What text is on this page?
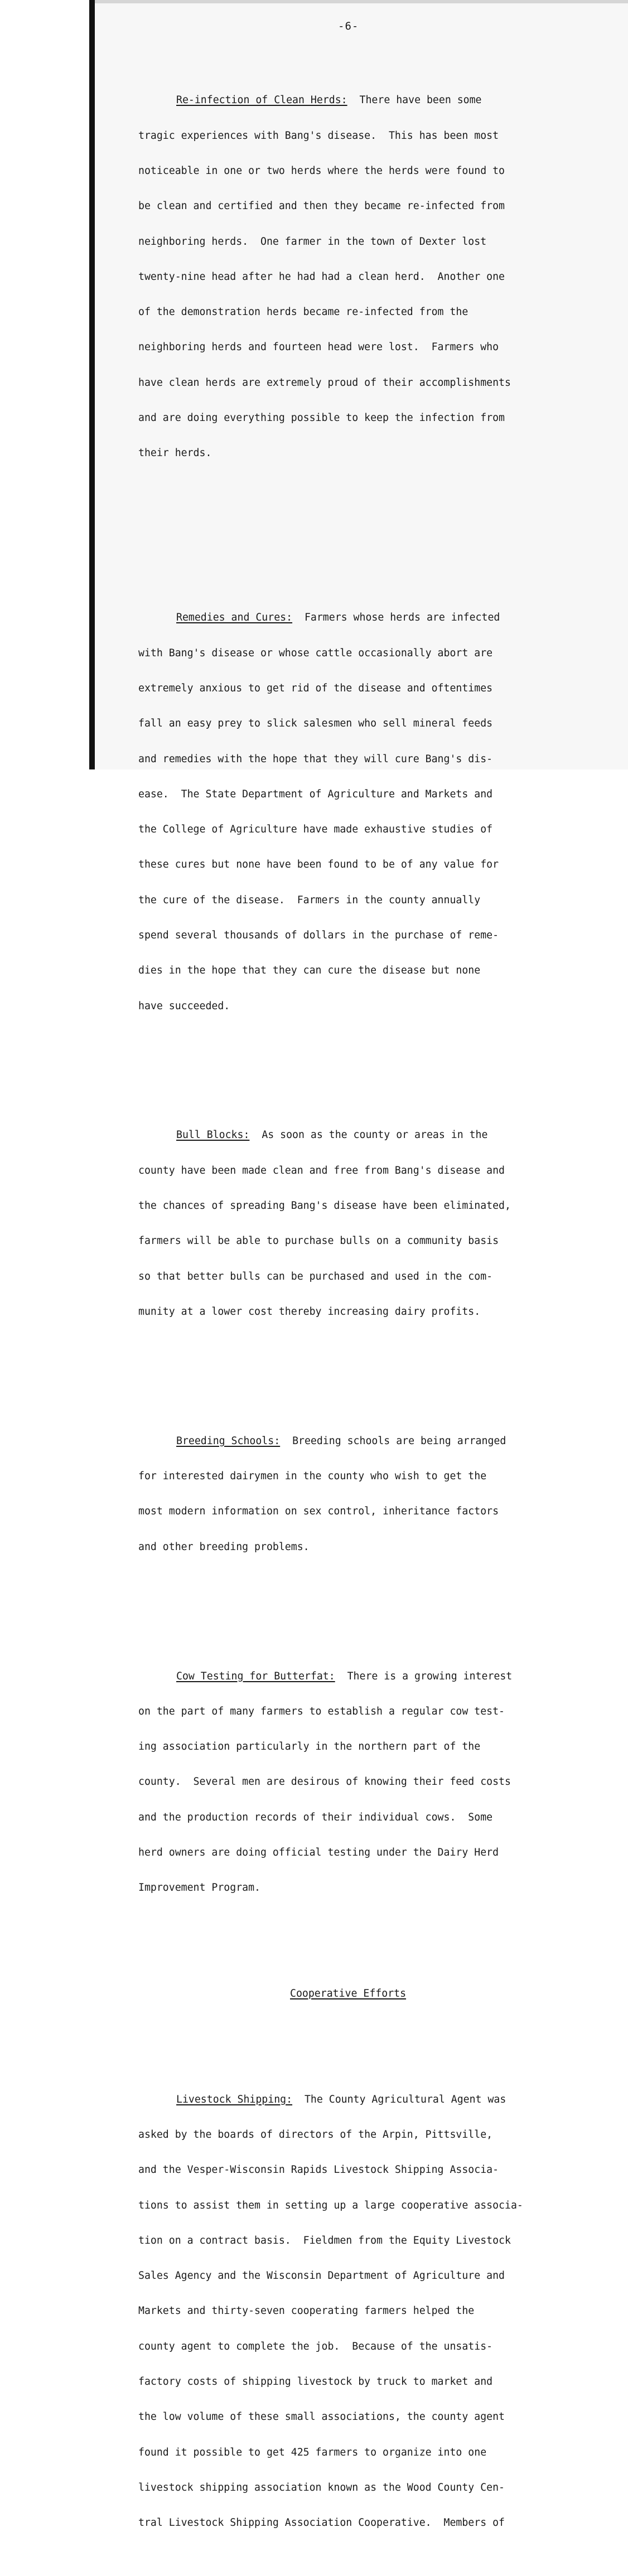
-6-

Re-infection of Clean Herds: There have been some

tragic experiences with Bang's disease.  This has been most

noticeable in one or two herds where the herds were found to

be clean and certified and then they became re-infected from

neighboring herds.  One farmer in the town of Dexter lost

twenty-nine head after he had had a clean herd.  Another one

of the demonstration herds became re-infected from the

neighboring herds and fourteen head were lost.  Farmers who

have clean herds are extremely proud of their accomplishments

and are doing everything possible to keep the infection from

their herds.

Remedies and Cures: Farmers whose herds are infected

with Bang's disease or whose cattle occasionally abort are

extremely anxious to get rid of the disease and oftentimes

fall an easy prey to slick salesmen who sell mineral feeds

and remedies with the hope that they will cure Bang's dis-

ease.  The State Department of Agriculture and Markets and

the College of Agriculture have made exhaustive studies of

these cures but none have been found to be of any value for

the cure of the disease.  Farmers in the county annually

spend several thousands of dollars in the purchase of reme-

dies in the hope that they can cure the disease but none

have succeeded.

Bull Blocks: As soon as the county or areas in the

county have been made clean and free from Bang's disease and

the chances of spreading Bang's disease have been eliminated,

farmers will be able to purchase bulls on a community basis

so that better bulls can be purchased and used in the com-

munity at a lower cost thereby increasing dairy profits.

Breeding Schools: Breeding schools are being arranged

for interested dairymen in the county who wish to get the

most modern information on sex control, inheritance factors

and other breeding problems.

Cow Testing for Butterfat: There is a growing interest

on the part of many farmers to establish a regular cow test-

ing association particularly in the northern part of the

county.  Several men are desirous of knowing their feed costs

and the production records of their individual cows.  Some

herd owners are doing official testing under the Dairy Herd

Improvement Program.

Cooperative Efforts

Livestock Shipping: The County Agricultural Agent was

asked by the boards of directors of the Arpin, Pittsville,

and the Vesper-Wisconsin Rapids Livestock Shipping Associa-

tions to assist them in setting up a large cooperative associa-

tion on a contract basis.  Fieldmen from the Equity Livestock

Sales Agency and the Wisconsin Department of Agriculture and

Markets and thirty-seven cooperating farmers helped the

county agent to complete the job.  Because of the unsatis-

factory costs of shipping livestock by truck to market and

the low volume of these small associations, the county agent

found it possible to get 425 farmers to organize into one

livestock shipping association known as the Wood County Cen-

tral Livestock Shipping Association Cooperative.  Members of
